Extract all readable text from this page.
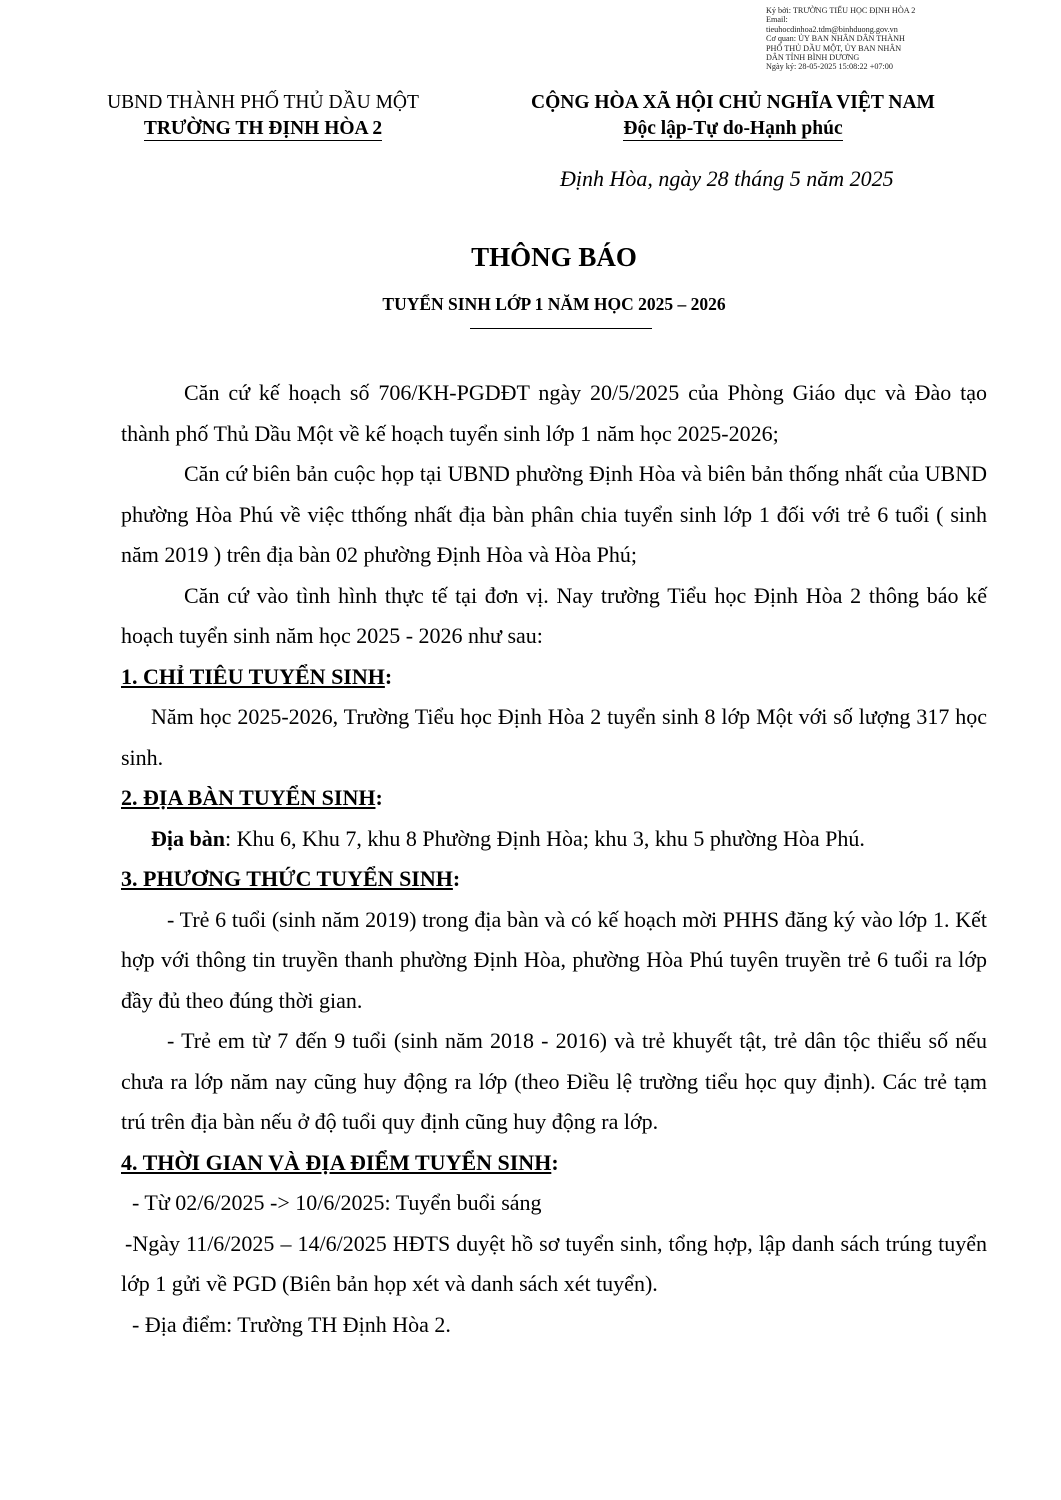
Ký bởi: TRƯỜNG TIỂU HỌC ĐỊNH HÒA 2
Email:
tieuhocdinhoa2.tdm@binhduong.gov.vn
Cơ quan: ỦY BAN NHÂN DÂN THÀNH
PHỐ THỦ DẦU MỘT, ỦY BAN NHÂN
DÂN TỈNH BÌNH DƯƠNG
Ngày ký: 28-05-2025 15:08:22 +07:00
UBND THÀNH PHỐ THỦ DẦU MỘT
TRƯỜNG TH ĐỊNH HÒA 2
CỘNG HÒA XÃ HỘI CHỦ NGHĨA VIỆT NAM
Độc lập-Tự do-Hạnh phúc
Định Hòa, ngày 28 tháng 5 năm 2025
THÔNG BÁO
TUYỂN SINH LỚP 1 NĂM HỌC 2025 – 2026

Căn cứ kế hoạch số 706/KH-PGDĐT ngày 20/5/2025 của Phòng Giáo dục và Đào tạo thành phố Thủ Dầu Một về kế hoạch tuyển sinh lớp 1 năm học 2025-2026;

Căn cứ biên bản cuộc họp tại UBND phường Định Hòa và biên bản thống nhất của UBND phường Hòa Phú về việc tthống nhất địa bàn phân chia tuyển sinh lớp 1 đối với trẻ 6 tuổi ( sinh năm 2019 ) trên địa bàn 02 phường Định Hòa và Hòa Phú;

Căn cứ vào tình hình thực tế tại đơn vị. Nay trường Tiểu học Định Hòa 2 thông báo kế hoạch tuyển sinh năm học 2025 - 2026 như sau:

1. CHỈ TIÊU TUYỂN SINH:

Năm học 2025-2026, Trường Tiểu học Định Hòa 2 tuyển sinh 8 lớp Một với số lượng 317 học sinh.

2. ĐỊA BÀN TUYỂN SINH:

Địa bàn: Khu 6, Khu 7, khu 8 Phường Định Hòa; khu 3, khu 5 phường Hòa Phú.

3. PHƯƠNG THỨC TUYỂN SINH:

- Trẻ 6 tuổi (sinh năm 2019) trong địa bàn và có kế hoạch mời PHHS đăng ký vào lớp 1. Kết hợp với thông tin truyền thanh phường Định Hòa, phường Hòa Phú tuyên truyền trẻ 6 tuổi ra lớp đầy đủ theo đúng thời gian.

- Trẻ em từ 7 đến 9 tuổi (sinh năm 2018 - 2016) và trẻ khuyết tật, trẻ dân tộc thiểu số nếu chưa ra lớp năm nay cũng huy động ra lớp (theo Điều lệ trường tiểu học quy định). Các trẻ tạm trú trên địa bàn nếu ở độ tuổi quy định cũng huy động ra lớp.

4. THỜI GIAN VÀ ĐỊA ĐIỂM TUYỂN SINH:

- Từ 02/6/2025 -> 10/6/2025: Tuyển buổi sáng

-Ngày 11/6/2025 – 14/6/2025 HĐTS duyệt hồ sơ tuyển sinh, tổng hợp, lập danh sách trúng tuyển lớp 1 gửi về PGD (Biên bản họp xét và danh sách xét tuyển).

- Địa điểm: Trường TH Định Hòa 2.
